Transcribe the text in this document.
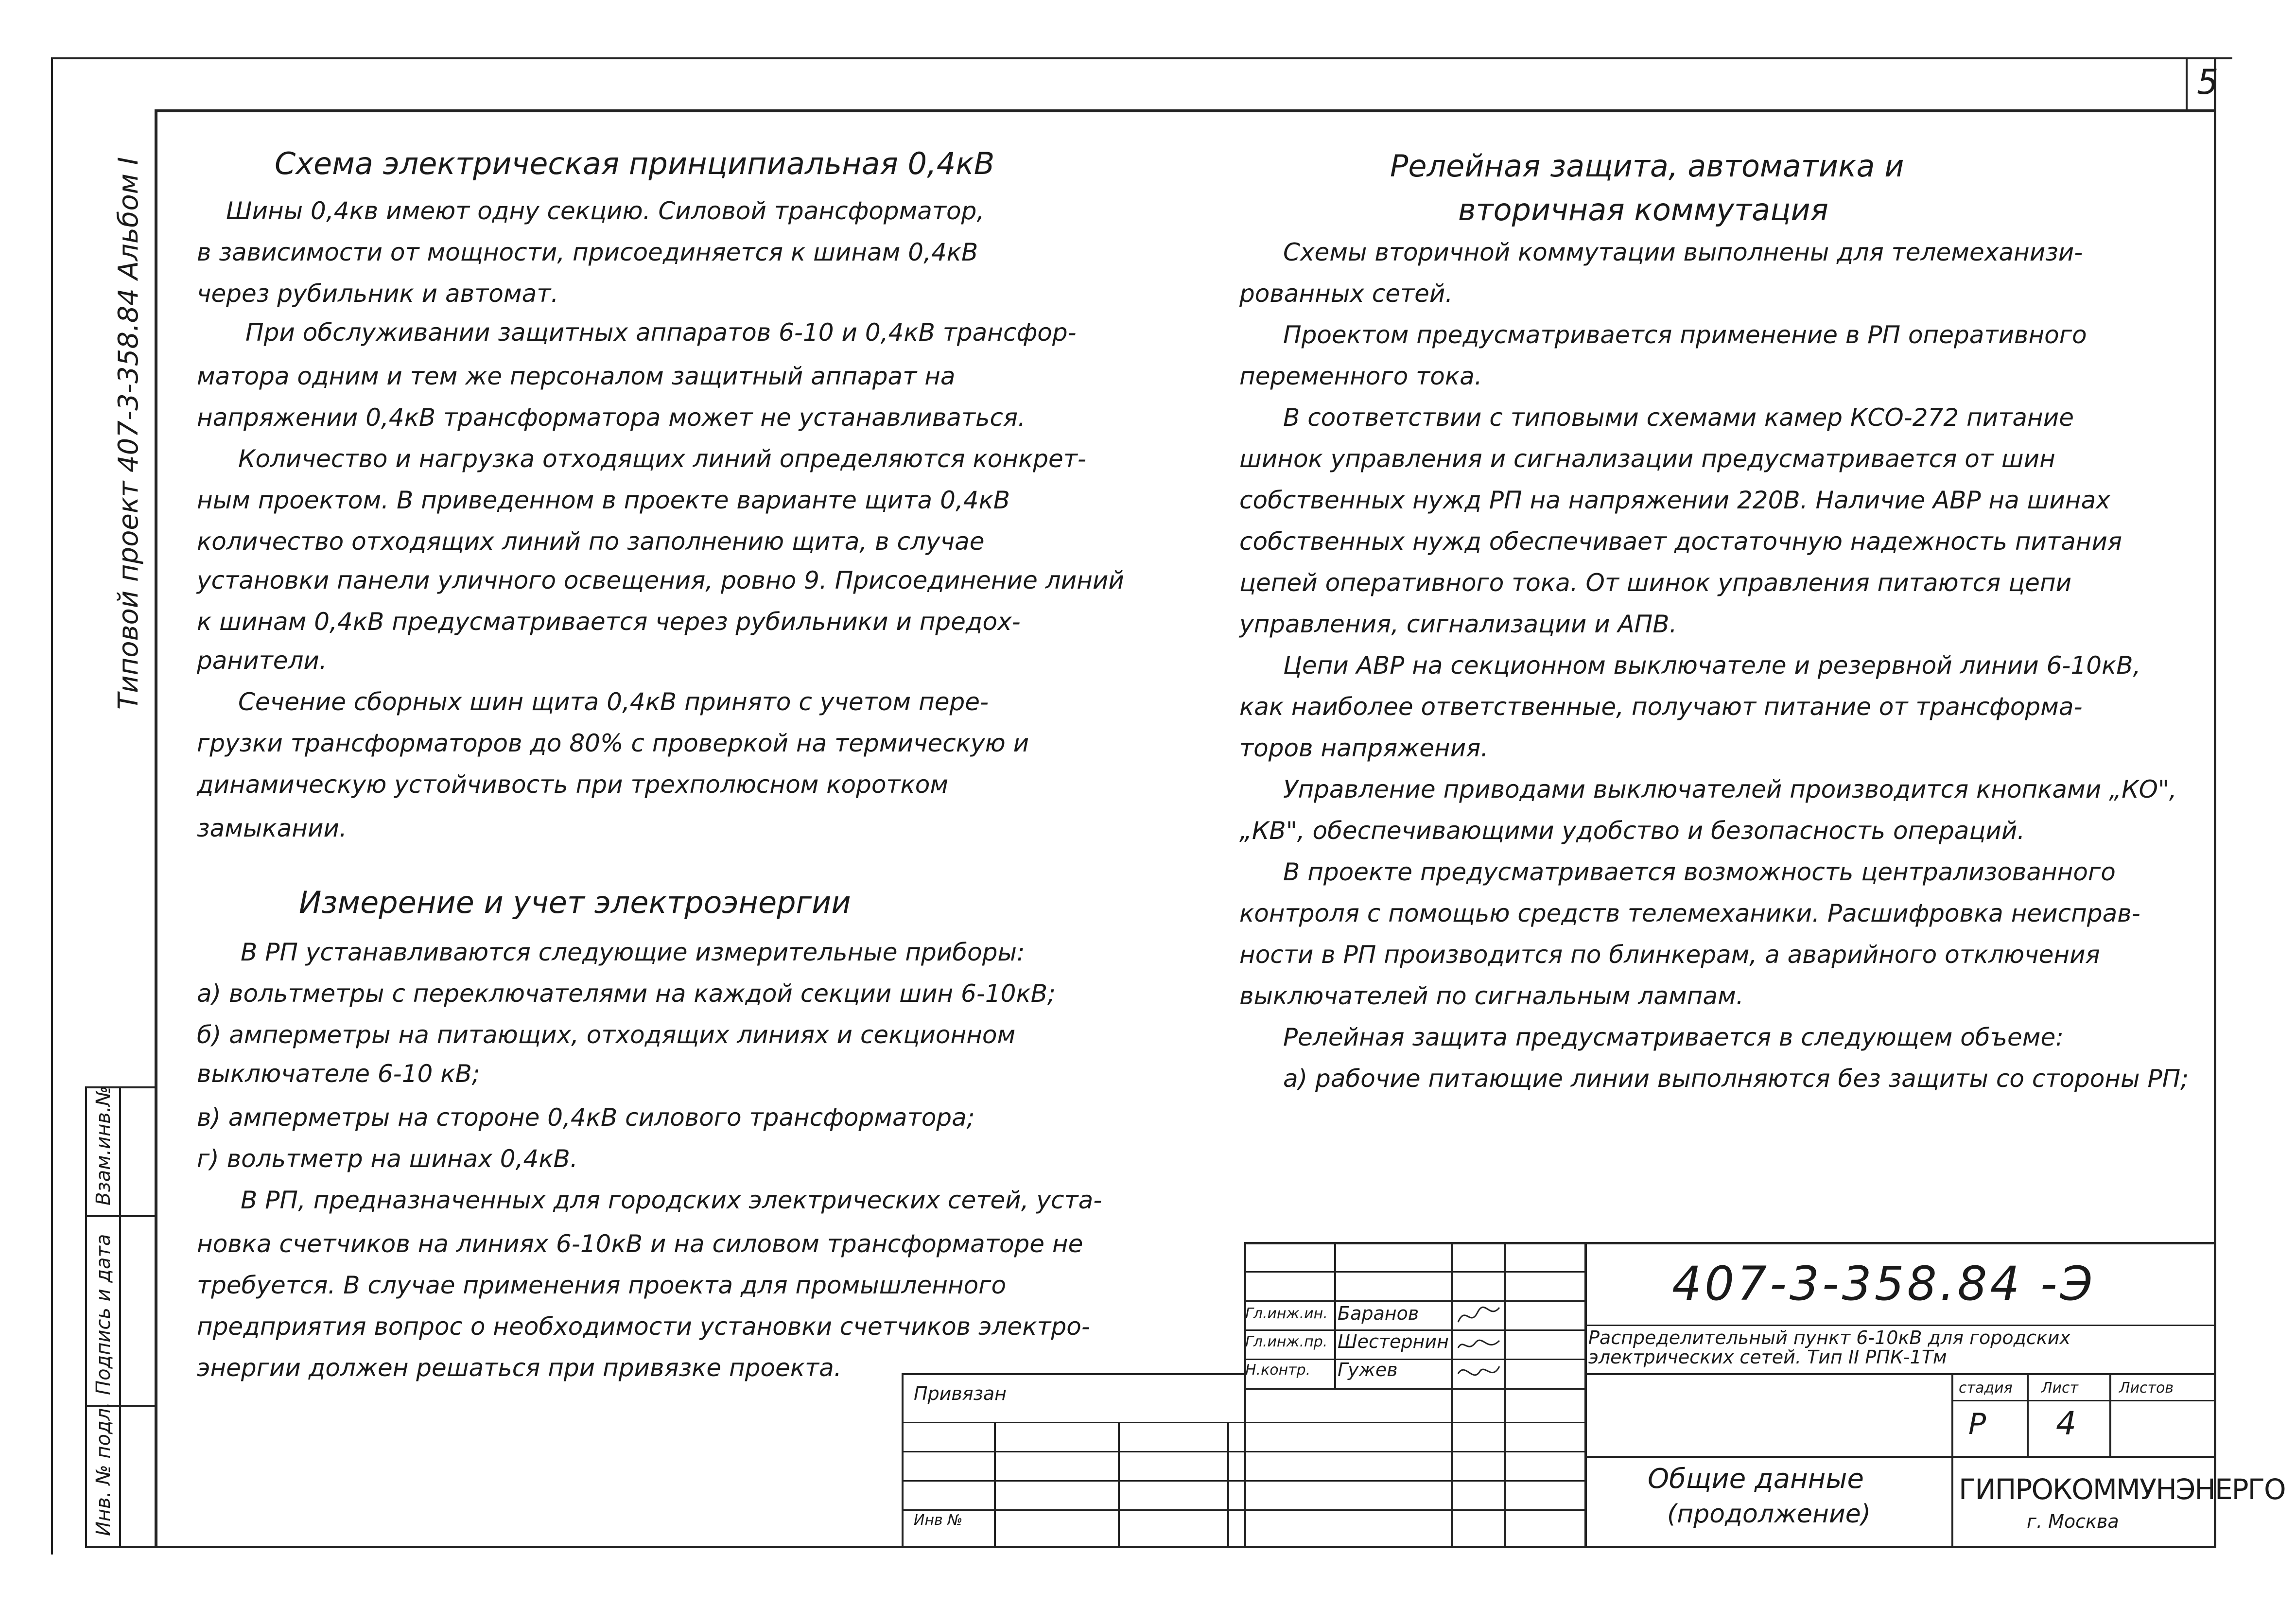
5
Типовой проект 407-3-358.84 Альбом I
Взам.инв.№
Подпись и дата
Инв. № подл.
Схема электрическая принципиальная 0,4кВ
Шины 0,4кв имеют одну секцию. Силовой трансформатор,
в зависимости от мощности, присоединяется к шинам 0,4кВ
через рубильник и автомат.
При обслуживании защитных аппаратов 6-10 и 0,4кВ трансфор-
матора одним и тем же персоналом защитный аппарат на
напряжении 0,4кВ трансформатора может не устанавливаться.
Количество и нагрузка отходящих линий определяются конкрет-
ным проектом. В приведенном в проекте варианте щита 0,4кВ
количество отходящих линий по заполнению щита, в случае
установки панели уличного освещения, ровно 9. Присоединение линий
к шинам 0,4кВ предусматривается через рубильники и предох-
ранители.
Сечение сборных шин щита 0,4кВ принято с учетом пере-
грузки трансформаторов до 80% с проверкой на термическую и
динамическую устойчивость при трехполюсном коротком
замыкании.
Измерение и учет электроэнергии
В РП устанавливаются следующие измерительные приборы:
а) вольтметры с переключателями на каждой секции шин 6-10кВ;
б) амперметры на питающих, отходящих линиях и секционном
выключателе 6-10 кВ;
в) амперметры на стороне 0,4кВ силового трансформатора;
г) вольтметр на шинах 0,4кВ.
В РП, предназначенных для городских электрических сетей, уста-
новка счетчиков на линиях 6-10кВ и на силовом трансформаторе не
требуется. В случае применения проекта для промышленного
предприятия вопрос о необходимости установки счетчиков электро-
энергии должен решаться при привязке проекта.
Релейная защита, автоматика и
вторичная коммутация
Схемы вторичной коммутации выполнены для телемеханизи-
рованных сетей.
Проектом предусматривается применение в РП оперативного
переменного тока.
В соответствии с типовыми схемами камер КСО-272 питание
шинок управления и сигнализации предусматривается от шин
собственных нужд РП на напряжении 220В. Наличие АВР на шинах
собственных нужд обеспечивает достаточную надежность питания
цепей оперативного тока. От шинок управления питаются цепи
управления, сигнализации и АПВ.
Цепи АВР на секционном выключателе и резервной линии 6-10кВ,
как наиболее ответственные, получают питание от трансформа-
торов напряжения.
Управление приводами выключателей производится кнопками „КО",
„КВ", обеспечивающими удобство и безопасность операций.
В проекте предусматривается возможность централизованного
контроля с помощью средств телемеханики. Расшифровка неисправ-
ности в РП производится по блинкерам, а аварийного отключения
выключателей по сигнальным лампам.
Релейная защита предусматривается в следующем объеме:
а) рабочие питающие линии выполняются без защиты со стороны РП;
Привязан
Инв №
Гл.инж.ин. Баранов
Гл.инж.пр. Шестернин
Н.контр. Гужев
407-3-358.84 -Э
Распределительный пункт 6-10кВ для городских
электрических сетей. Тип II РПК-1Тм
стадия Лист	Листов
Р 4
Общие данные
(продолжение)
ГИПРОКОММУНЭНЕРГО
г. Москва
